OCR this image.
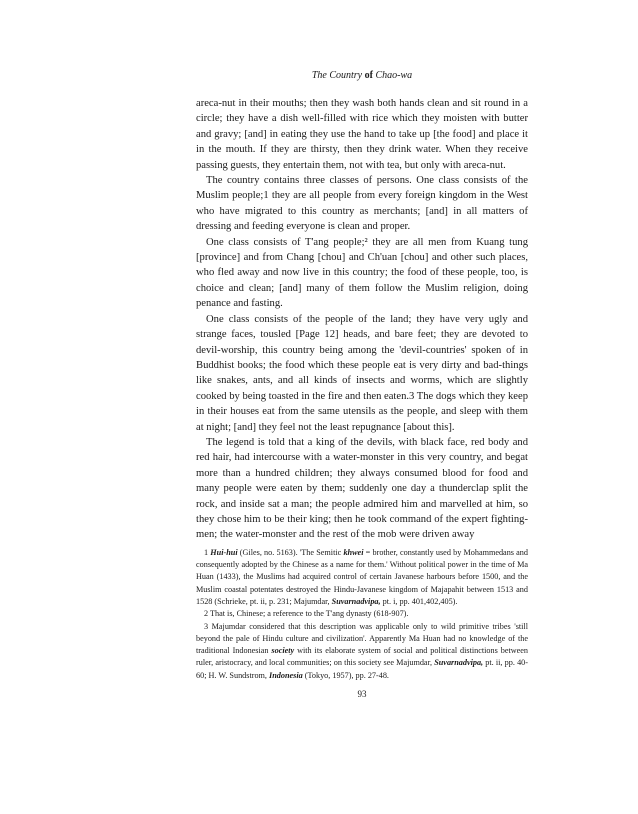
The Country of Chao-wa

areca-nut in their mouths; then they wash both hands clean and sit round in a circle; they have a dish well-filled with rice which they moisten with butter and gravy; [and] in eating they use the hand to take up [the food] and place it in the mouth. If they are thirsty, then they drink water. When they receive passing guests, they entertain them, not with tea, but only with areca-nut.

The country contains three classes of persons. One class consists of the Muslim people;1 they are all people from every foreign kingdom in the West who have migrated to this country as merchants; [and] in all matters of dressing and feeding everyone is clean and proper.

One class consists of T'ang people;² they are all men from Kuang tung [province] and from Chang [chou] and Ch'uan [chou] and other such places, who fled away and now live in this country; the food of these people, too, is choice and clean; [and] many of them follow the Muslim religion, doing penance and fasting.

One class consists of the people of the land; they have very ugly and strange faces, tousled [Page 12] heads, and bare feet; they are devoted to devil-worship, this country being among the 'devil-countries' spoken of in Buddhist books; the food which these people eat is very dirty and bad-things like snakes, ants, and all kinds of insects and worms, which are slightly cooked by being toasted in the fire and then eaten.3 The dogs which they keep in their houses eat from the same utensils as the people, and sleep with them at night; [and] they feel not the least repugnance [about this].

The legend is told that a king of the devils, with black face, red body and red hair, had intercourse with a water-monster in this very country, and begat more than a hundred children; they always consumed blood for food and many people were eaten by them; suddenly one day a thunderclap split the rock, and inside sat a man; the people admired him and marvelled at him, so they chose him to be their king; then he took command of the expert fighting-men; the water-monster and the rest of the mob were driven away

1 Hui-hui (Giles, no. 5163). 'The Semitic khwei = brother, constantly used by Mohammedans and consequently adopted by the Chinese as a name for them.' Without political power in the time of Ma Huan (1433), the Muslims had acquired control of certain Javanese harbours before 1500, and the Muslim coastal potentates destroyed the Hindu-Javanese kingdom of Majapahit between 1513 and 1528 (Schrieke, pt. ii, p. 231; Majumdar, Suvarnadvipa, pt. i, pp. 401,402,405).

2 That is, Chinese; a reference to the T'ang dynasty (618-907).

3 Majumdar considered that this description was applicable only to wild primitive tribes 'still beyond the pale of Hindu culture and civilization'. Apparently Ma Huan had no knowledge of the traditional Indonesian society with its elaborate system of social and political distinctions between ruler, aristocracy, and local communities; on this society see Majumdar, Suvarnadvipa, pt. ii, pp. 40-60; H. W. Sundstrom, Indonesia (Tokyo, 1957), pp. 27-48.

93
